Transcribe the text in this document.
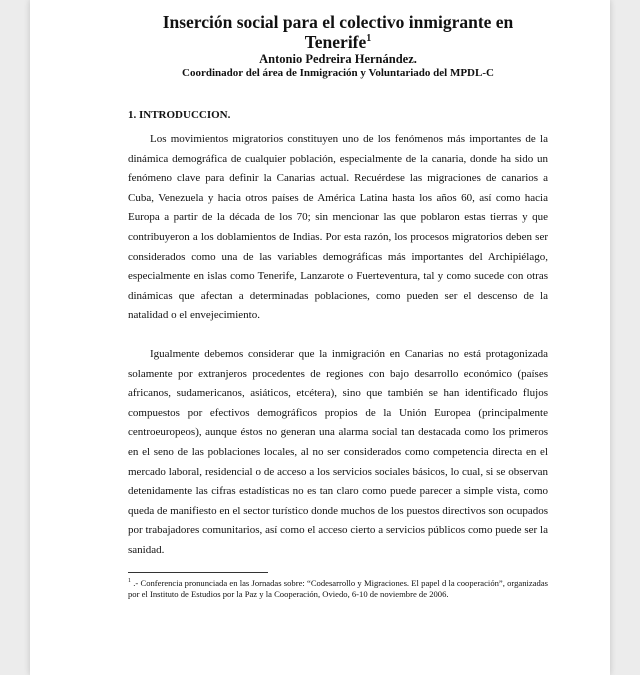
Inserción social para el colectivo inmigrante en
Tenerife$^1$

Antonio Pedreira Hernández.

Coordinador del área de Inmigración y Voluntariado del MPDL-C

1. INTRODUCCION.

Los movimientos migratorios constituyen uno de los fenómenos más importantes de la dinámica demográfica de cualquier población, especialmente de la canaria, donde ha sido un fenómeno clave para definir la Canarias actual. Recuérdese las migraciones de canarios a Cuba, Venezuela y hacia otros países de América Latina hasta los años 60, así como hacia Europa a partir de la década de los 70; sin mencionar las que poblaron estas tierras y que contribuyeron a los doblamientos de Indias. Por esta razón, los procesos migratorios deben ser considerados como una de las variables demográficas más importantes del Archipiélago, especialmente en islas como Tenerife, Lanzarote o Fuerteventura, tal y como sucede con otras dinámicas que afectan a determinadas poblaciones, como pueden ser el descenso de la natalidad o el envejecimiento.

Igualmente debemos considerar que la inmigración en Canarias no está protagonizada solamente por extranjeros procedentes de regiones con bajo desarrollo económico (países africanos, sudamericanos, asiáticos, etcétera), sino que también se han identificado flujos compuestos por efectivos demográficos propios de la Unión Europea (principalmente centroeuropeos), aunque éstos no generan una alarma social tan destacada como los primeros en el seno de las poblaciones locales, al no ser considerados como competencia directa en el mercado laboral, residencial o de acceso a los servicios sociales básicos, lo cual, si se observan detenidamente las cifras estadísticas no es tan claro como puede parecer a simple vista, como queda de manifiesto en el sector turístico donde muchos de los puestos directivos son ocupados por trabajadores comunitarios, así como el acceso cierto a servicios públicos como puede ser la sanidad.

$^1$ .- Conferencia pronunciada en las Jornadas sobre: “Codesarrollo y Migraciones. El papel d la cooperación”, organizadas por el Instituto de Estudios por la Paz y la Cooperación, Oviedo, 6-10 de noviembre de 2006.
